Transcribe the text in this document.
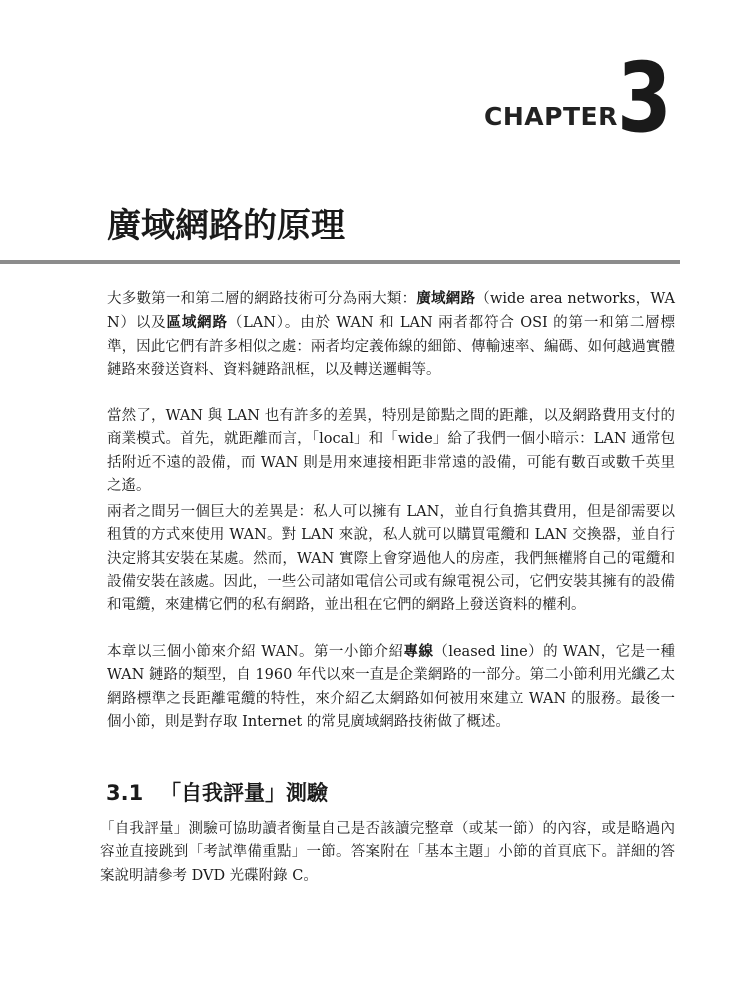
CHAPTER 3
廣域網路的原理

大多數第一和第二層的網路技術可分為兩大類：廣域網路（wide area networks，WAN）以及區域網路（LAN）。由於 WAN 和 LAN 兩者都符合 OSI 的第一和第二層標準，因此它們有許多相似之處：兩者均定義佈線的細節、傳輸速率、編碼、如何越過實體鏈路來發送資料、資料鏈路訊框，以及轉送邏輯等。

當然了，WAN 與 LAN 也有許多的差異，特別是節點之間的距離，以及網路費用支付的商業模式。首先，就距離而言，「local」和「wide」給了我們一個小暗示：LAN 通常包括附近不遠的設備，而 WAN 則是用來連接相距非常遠的設備，可能有數百或數千英里之遙。

兩者之間另一個巨大的差異是：私人可以擁有 LAN，並自行負擔其費用，但是卻需要以租賃的方式來使用 WAN。對 LAN 來說，私人就可以購買電纜和 LAN 交換器，並自行決定將其安裝在某處。然而，WAN 實際上會穿過他人的房產，我們無權將自己的電纜和設備安裝在該處。因此，一些公司諸如電信公司或有線電視公司，它們安裝其擁有的設備和電纜，來建構它們的私有網路，並出租在它們的網路上發送資料的權利。

本章以三個小節來介紹 WAN。第一小節介紹專線（leased line）的 WAN，它是一種 WAN 鏈路的類型，自 1960 年代以來一直是企業網路的一部分。第二小節利用光纖乙太網路標準之長距離電纜的特性，來介紹乙太網路如何被用來建立 WAN 的服務。最後一個小節，則是對存取 Internet 的常見廣域網路技術做了概述。

3.1 「自我評量」測驗

「自我評量」測驗可協助讀者衡量自己是否該讀完整章（或某一節）的內容，或是略過內容並直接跳到「考試準備重點」一節。答案附在「基本主題」小節的首頁底下。詳細的答案說明請參考 DVD 光碟附錄 C。
